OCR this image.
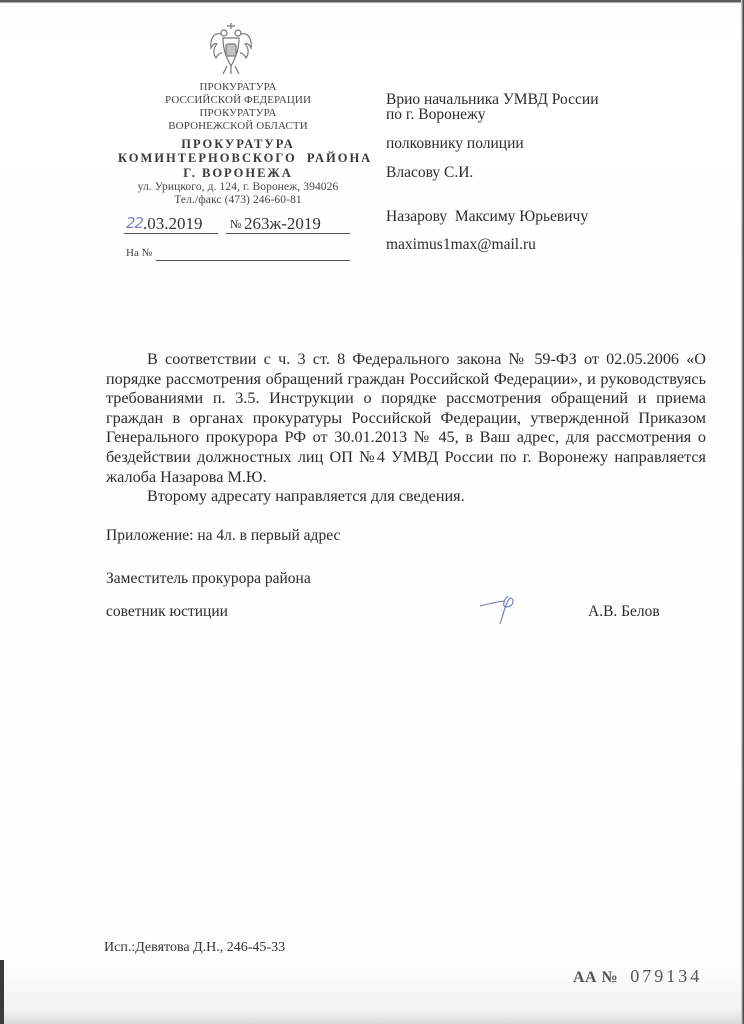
ПРОКУРАТУРА
РОССИЙСКОЙ ФЕДЕРАЦИИ
ПРОКУРАТУРА
ВОРОНЕЖСКОЙ ОБЛАСТИ
ПРОКУРАТУРА
КОМИНТЕРНОВСКОГО  РАЙОНА
Г. ВОРОНЕЖА
ул. Урицкого, д. 124, г. Воронеж, 394026
Тел./факс (473) 246-60-81
22 .03.2019 № 263ж-2019
На №
Врио начальника УМВД России
по г. Воронежу
полковнику полиции
Власову С.И.
Назарову  Максиму Юрьевичу
maximus1max@mail.ru

В соответствии с ч. 3 ст. 8 Федерального закона № 59-ФЗ от 02.05.2006 «О порядке рассмотрения обращений граждан Российской Федерации», и руководствуясь требованиями п. 3.5. Инструкции о порядке рассмотрения обращений и приема граждан в органах прокуратуры Российской Федерации, утвержденной Приказом Генерального прокурора РФ от 30.01.2013 № 45, в Ваш адрес, для рассмотрения о бездействии должностных лиц ОП №4 УМВД России по г. Воронежу направляется жалоба Назарова М.Ю.

Второму адресату направляется для сведения.

Приложение: на 4л. в первый адрес
Заместитель прокурора района
советник юстиции	А.В. Белов
Исп.:Девятова Д.Н., 246-45-33
АА № 079134
